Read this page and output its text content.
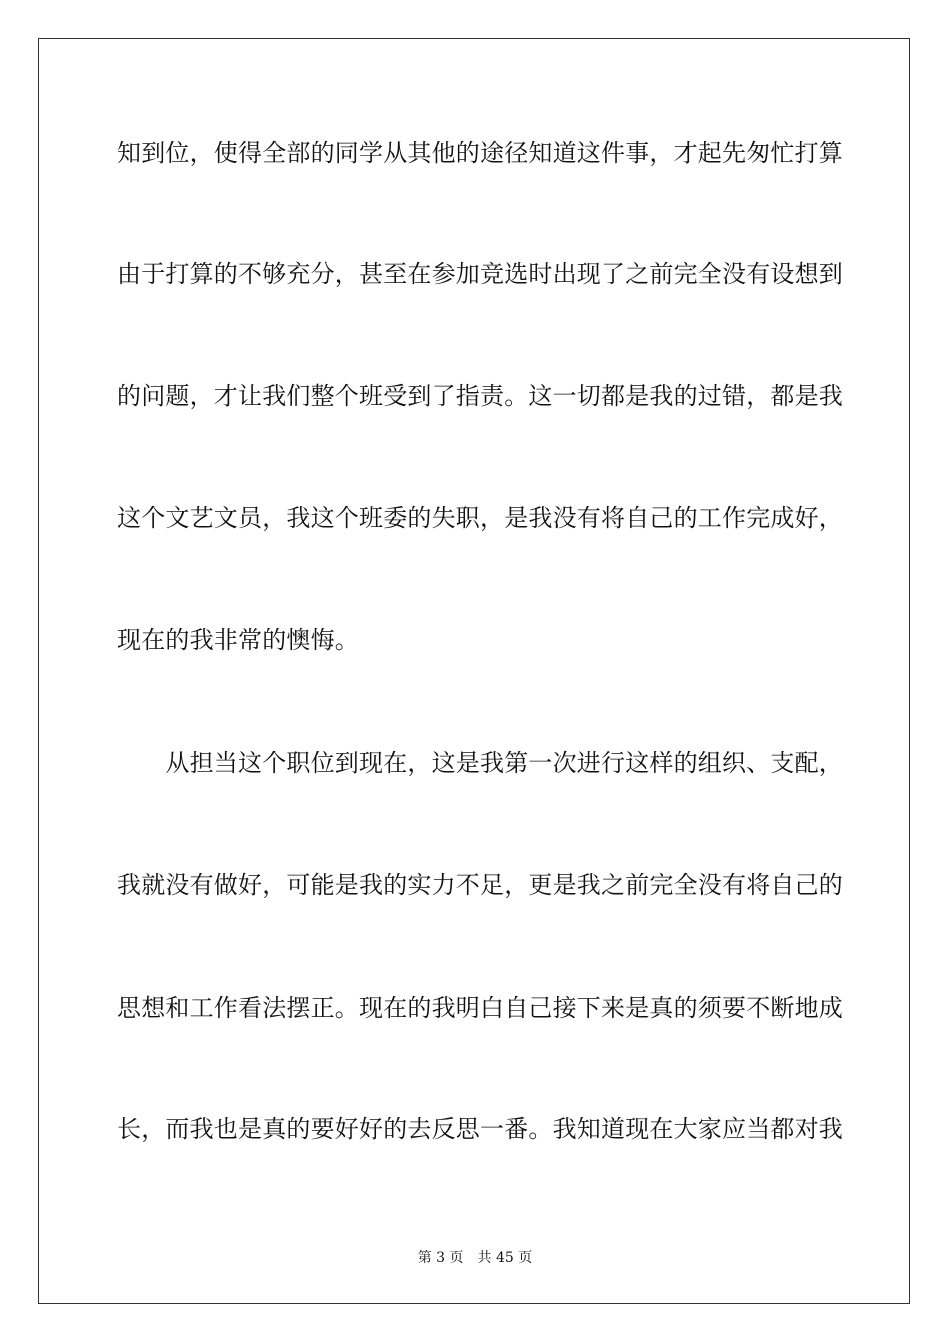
知到位，使得全部的同学从其他的途径知道这件事，才起先匆忙打算
由于打算的不够充分，甚至在参加竞选时出现了之前完全没有设想到
的问题，才让我们整个班受到了指责。这一切都是我的过错，都是我
这个文艺文员，我这个班委的失职，是我没有将自己的工作完成好，
现在的我非常的懊悔。
　　从担当这个职位到现在，这是我第一次进行这样的组织、支配，
我就没有做好，可能是我的实力不足，更是我之前完全没有将自己的
思想和工作看法摆正。现在的我明白自己接下来是真的须要不断地成
长，而我也是真的要好好的去反思一番。我知道现在大家应当都对我
第 3 页 共 45 页
